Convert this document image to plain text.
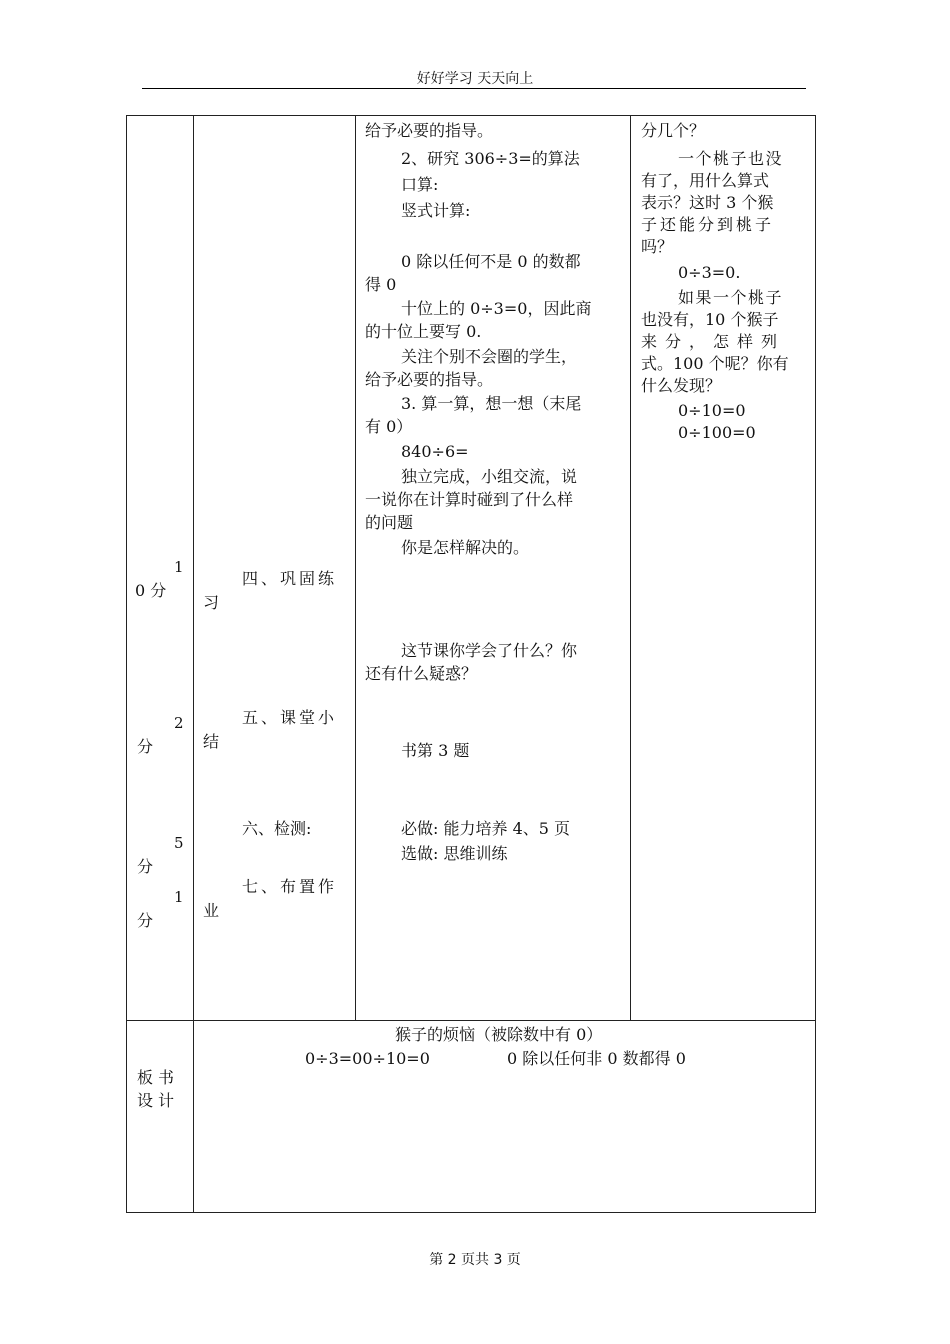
好好学习 天天向上
1
0 分
2
分
5
分
1
分
四、巩固练
习
五、课堂小
结
六、检测:
七、布置作
业
给予必要的指导。
2、研究 306÷3=的算法
口算:
竖式计算:
0 除以任何不是 0 的数都
得 0
十位上的 0÷3=0，因此商
的十位上要写 0.
关注个别不会圈的学生，
给予必要的指导。
3. 算一算，想一想（末尾
有 0）
840÷6=
独立完成，小组交流，说
一说你在计算时碰到了什么样
的问题
你是怎样解决的。
这节课你学会了什么？你
还有什么疑惑？
书第 3 题
必做: 能力培养 4、5 页
选做: 思维训练
分几个？
一个桃子也没
有了，用什么算式
表示？这时 3 个猴
子还能分到桃子
吗？
0÷3=0.
如果一个桃子
也没有，10 个猴子
来分，怎样列
式。100 个呢？你有
什么发现？
0÷10=0
0÷100=0
板书
设计
猴子的烦恼（被除数中有 0）
0÷3=00÷10=0	0 除以任何非 0 数都得 0
第 2 页共 3 页
